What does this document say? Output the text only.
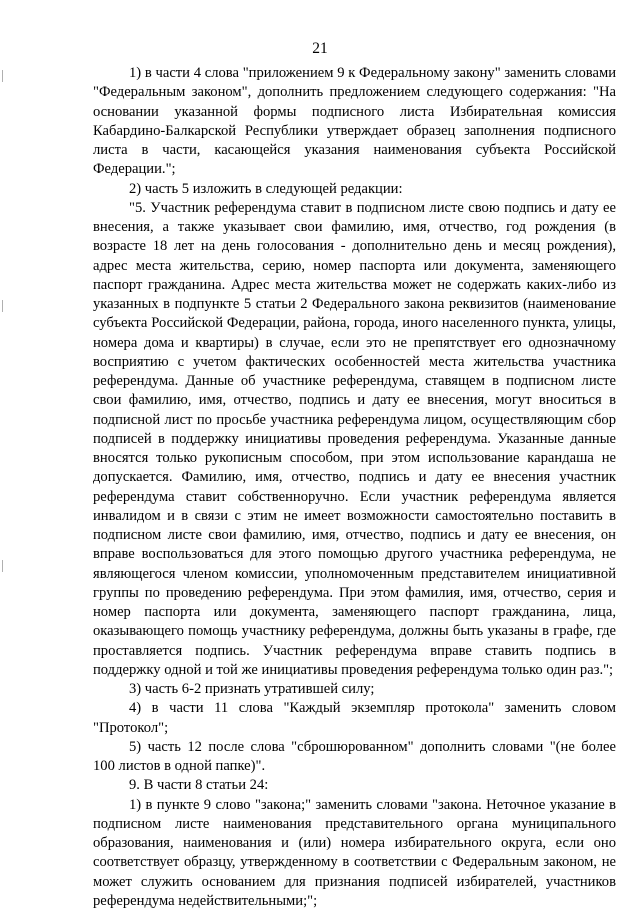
21

1) в части 4 слова "приложением 9 к Федеральному закону" заменить словами "Федеральным законом", дополнить предложением следующего содержания: "На основании указанной формы подписного листа Избирательная комиссия Кабардино-Балкарской Республики утверждает образец заполнения подписного листа в части, касающейся указания наименования субъекта Российской Федерации.";

2) часть 5 изложить в следующей редакции:

"5. Участник референдума ставит в подписном листе свою подпись и дату ее внесения, а также указывает свои фамилию, имя, отчество, год рождения (в возрасте 18 лет на день голосования - дополнительно день и месяц рождения), адрес места жительства, серию, номер паспорта или документа, заменяющего паспорт гражданина. Адрес места жительства может не содержать каких-либо из указанных в подпункте 5 статьи 2 Федерального закона реквизитов (наименование субъекта Российской Федерации, района, города, иного населенного пункта, улицы, номера дома и квартиры) в случае, если это не препятствует его однозначному восприятию с учетом фактических особенностей места жительства участника референдума. Данные об участнике референдума, ставящем в подписном листе свои фамилию, имя, отчество, подпись и дату ее внесения, могут вноситься в подписной лист по просьбе участника референдума лицом, осуществляющим сбор подписей в поддержку инициативы проведения референдума. Указанные данные вносятся только рукописным способом, при этом использование карандаша не допускается. Фамилию, имя, отчество, подпись и дату ее внесения участник референдума ставит собственноручно. Если участник референдума является инвалидом и в связи с этим не имеет возможности самостоятельно поставить в подписном листе свои фамилию, имя, отчество, подпись и дату ее внесения, он вправе воспользоваться для этого помощью другого участника референдума, не являющегося членом комиссии, уполномоченным представителем инициативной группы по проведению референдума. При этом фамилия, имя, отчество, серия и номер паспорта или документа, заменяющего паспорт гражданина, лица, оказывающего помощь участнику референдума, должны быть указаны в графе, где проставляется подпись. Участник референдума вправе ставить подпись в поддержку одной и той же инициативы проведения референдума только один раз.";

3) часть 6-2 признать утратившей силу;

4) в части 11 слова "Каждый экземпляр протокола" заменить словом "Протокол";

5) часть 12 после слова "сброшюрованном" дополнить словами "(не более 100 листов в одной папке)".

9. В части 8 статьи 24:

1) в пункте 9 слово "закона;" заменить словами "закона. Неточное указание в подписном листе наименования представительного органа муниципального образования, наименования и (или) номера избирательного округа, если оно соответствует образцу, утвержденному в соответствии с Федеральным законом, не может служить основанием для признания подписей избирателей, участников референдума недействительными;";
